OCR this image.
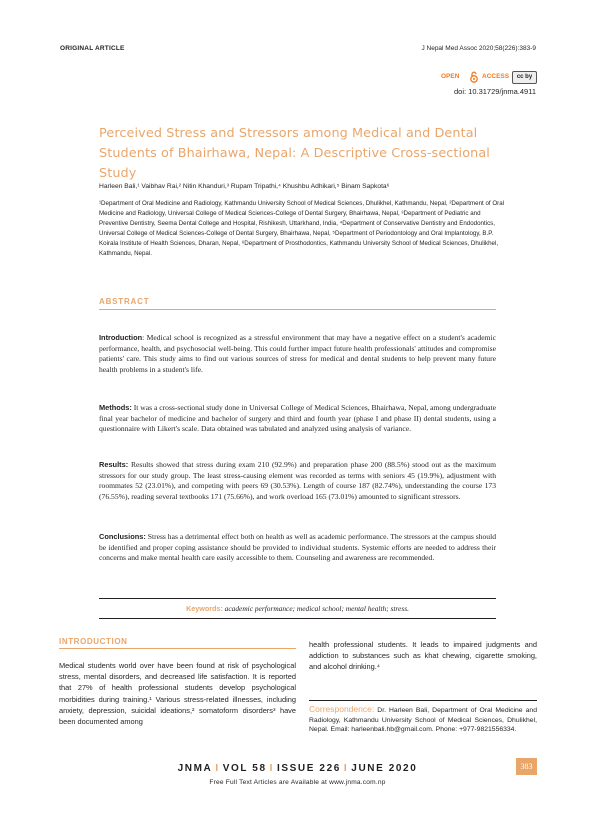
ORIGINAL ARTICLE	J Nepal Med Assoc 2020;58(226):383-9
OPEN	ACCESS	cc by
doi: 10.31729/jnma.4911
Perceived Stress and Stressors among Medical and Dental Students of Bhairhawa, Nepal: A Descriptive Cross-sectional Study
Harleen Bali,¹ Vaibhav Rai,² Nitin Khanduri,³ Rupam Tripathi,⁴ Khushbu Adhikari,⁵ Binam Sapkota⁶
¹Department of Oral Medicine and Radiology, Kathmandu University School of Medical Sciences, Dhulikhel, Kathmandu, Nepal, ²Department of Oral Medicine and Radiology, Universal College of Medical Sciences-College of Dental Surgery, Bhairhawa, Nepal, ³Department of Pediatric and Preventive Dentistry, Seema Dental College and Hospital, Rishikesh, Uttarkhand, India, ⁴Department of Conservative Dentistry and Endodontics, Universal College of Medical Sciences-College of Dental Surgery, Bhairhawa, Nepal, ⁵Department of Periodontology and Oral Implantology, B.P. Koirala Institute of Health Sciences, Dharan, Nepal, ⁶Department of Prosthodontics, Kathmandu University School of Medical Sciences, Dhulikhel, Kathmandu, Nepal.
ABSTRACT
Introduction: Medical school is recognized as a stressful environment that may have a negative effect on a student's academic performance, health, and psychosocial well-being. This could further impact future health professionals' attitudes and compromise patients' care. This study aims to find out various sources of stress for medical and dental students to help prevent many future health problems in a student's life.
Methods: It was a cross-sectional study done in Universal College of Medical Sciences, Bhairhawa, Nepal, among undergraduate final year bachelor of medicine and bachelor of surgery and third and fourth year (phase I and phase II) dental students, using a questionnaire with Likert's scale. Data obtained was tabulated and analyzed using analysis of variance.
Results: Results showed that stress during exam 210 (92.9%) and preparation phase 200 (88.5%) stood out as the maximum stressors for our study group. The least stress-causing element was recorded as terms with seniors 45 (19.9%), adjustment with roommates 52 (23.01%), and competing with peers 69 (30.53%). Length of course 187 (82.74%), understanding the course 173 (76.55%), reading several textbooks 171 (75.66%), and work overload 165 (73.01%) amounted to significant stressors.
Conclusions: Stress has a detrimental effect both on health as well as academic performance. The stressors at the campus should be identified and proper coping assistance should be provided to individual students. Systemic efforts are needed to address their concerns and make mental health care easily accessible to them. Counseling and awareness are recommended.
Keywords: academic performance; medical school; mental health; stress.
INTRODUCTION
Medical students world over have been found at risk of psychological stress, mental disorders, and decreased life satisfaction. It is reported that 27% of health professional students develop psychological morbidities during training.¹ Various stress-related illnesses, including anxiety, depression, suicidal ideations,² somatoform disorders³ have been documented among
health professional students. It leads to impaired judgments and addiction to substances such as khat chewing, cigarette smoking, and alcohol drinking.⁴
Correspondence: Dr. Harleen Bali, Department of Oral Medicine and Radiology, Kathmandu University School of Medical Sciences, Dhulikhel, Nepal. Email: harleenbali.hb@gmail.com. Phone: +977-9821556334.
JNMA I VOL 58 I ISSUE 226 I JUNE 2020	383
Free Full Text Articles are Available at www.jnma.com.np
